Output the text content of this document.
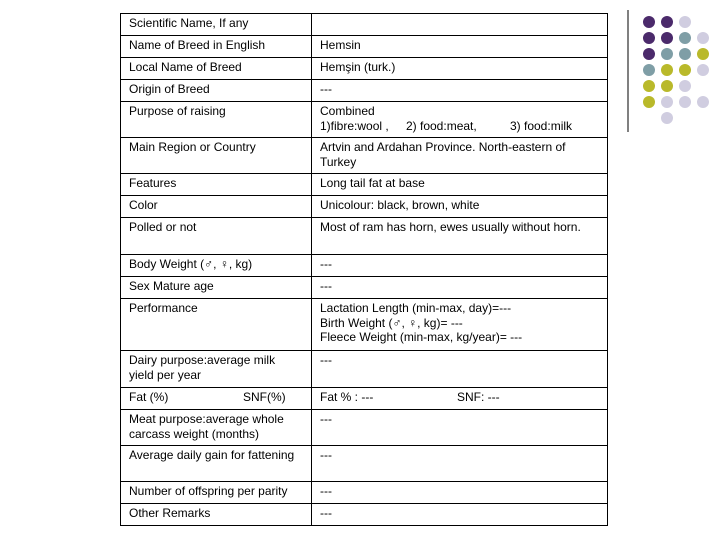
Scientific Name, If any	
Name of Breed in English	Hemsin
Local Name of Breed	Hemşin (turk.)
Origin of Breed	---
Purpose of raising	Combined
1)fibre:wool , 2) food:meat, 3) food:milk

Main Region or Country	Artvin and Ardahan Province. North-eastern of Turkey
Features	Long tail fat at base
Color	Unicolour: black, brown, white
Polled or not	Most of ram has horn, ewes usually without horn.
Body Weight (♂, ♀, kg)	---
Sex Mature age	---
Performance	Lactation Length (min-max, day)=---
Birth Weight (♂, ♀, kg)= ---
Fleece Weight (min-max, kg/year)= ---

Dairy purpose:average milk yield per year	---

Fat (%) SNF(%)	Fat % : --- SNF: ---

Meat purpose:average whole carcass weight (months)	---
Average daily gain for fattening	---
Number of offspring per parity	---
Other Remarks	---
